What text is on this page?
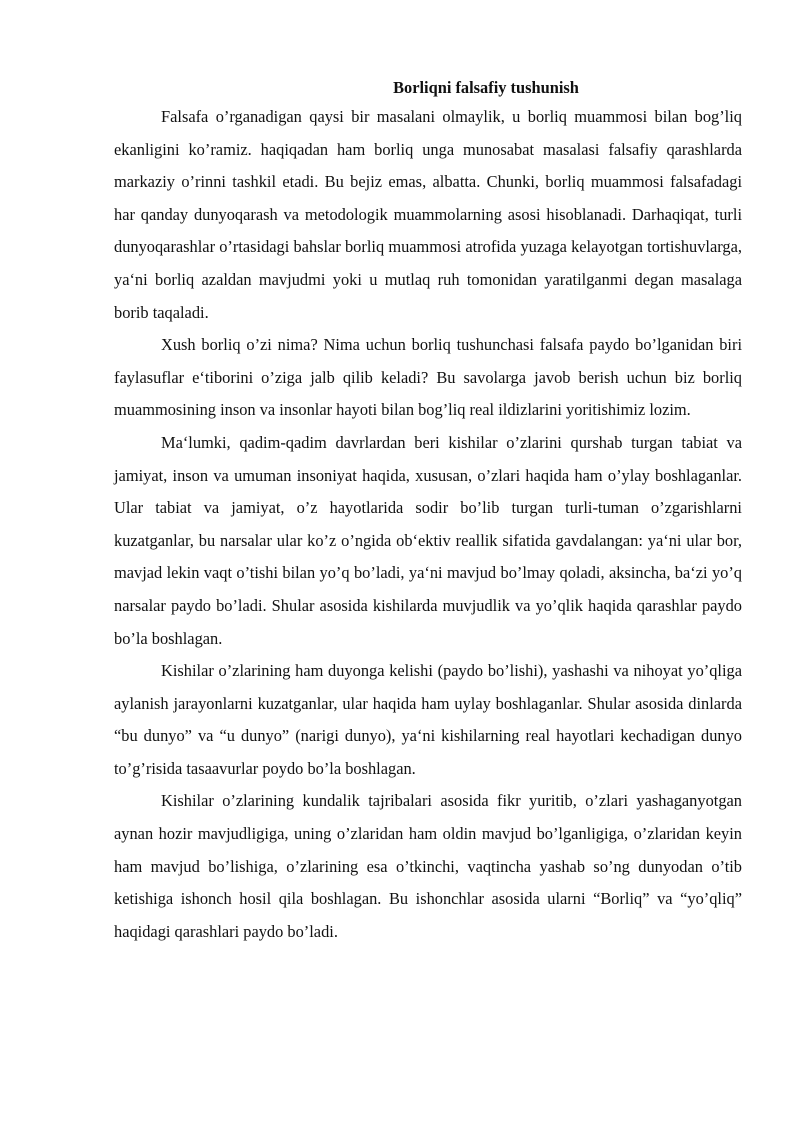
Borliqni falsafiy tushunish

Falsafa o’rganadigan qaysi bir masalani olmaylik, u borliq muammosi bilan bog’liq ekanligini ko’ramiz. haqiqadan ham borliq unga munosabat masalasi falsafiy qarashlarda markaziy o’rinni tashkil etadi. Bu bejiz emas, albatta. Chunki, borliq muammosi falsafadagi har qanday dunyoqarash va metodologik muammolarning asosi hisoblanadi. Darhaqiqat, turli dunyoqarashlar o’rtasidagi bahslar borliq muammosi atrofida yuzaga kelayotgan tortishuvlarga, ya‘ni borliq azaldan mavjudmi yoki u mutlaq ruh tomonidan yaratilganmi degan masalaga borib taqaladi.

Xush borliq o’zi nima? Nima uchun borliq tushunchasi falsafa paydo bo’lganidan biri faylasuflar e‘tiborini o’ziga jalb qilib keladi? Bu savolarga javob berish uchun biz borliq muammosining inson va insonlar hayoti bilan bog’liq real ildizlarini yoritishimiz lozim.

Ma‘lumki, qadim-qadim davrlardan beri kishilar o’zlarini qurshab turgan tabiat va jamiyat, inson va umuman insoniyat haqida, xususan, o’zlari haqida ham o’ylay boshlaganlar. Ular tabiat va jamiyat, o’z hayotlarida sodir bo’lib turgan turli-tuman o’zgarishlarni kuzatganlar, bu narsalar ular ko’z o’ngida ob‘ektiv reallik sifatida gavdalangan: ya‘ni ular bor, mavjad lekin vaqt o’tishi bilan yo’q bo’ladi, ya‘ni mavjud bo’lmay qoladi, aksincha, ba‘zi yo’q narsalar paydo bo’ladi. Shular asosida kishilarda muvjudlik va yo’qlik haqida qarashlar paydo bo’la boshlagan.

Kishilar o’zlarining ham duyonga kelishi (paydo bo’lishi), yashashi va nihoyat yo’qliga aylanish jarayonlarni kuzatganlar, ular haqida ham uylay boshlaganlar. Shular asosida dinlarda “bu dunyo” va “u dunyo” (narigi dunyo), ya‘ni kishilarning real hayotlari kechadigan dunyo to’g’risida tasaavurlar poydo bo’la boshlagan.

Kishilar o’zlarining kundalik tajribalari asosida fikr yuritib, o’zlari yashaganyotgan aynan hozir mavjudligiga, uning o’zlaridan ham oldin mavjud bo’lganligiga, o’zlaridan keyin ham mavjud bo’lishiga, o’zlarining esa o’tkinchi, vaqtincha yashab so’ng dunyodan o’tib ketishiga ishonch hosil qila boshlagan. Bu ishonchlar asosida ularni “Borliq” va “yo’qliq” haqidagi qarashlari paydo bo’ladi.
